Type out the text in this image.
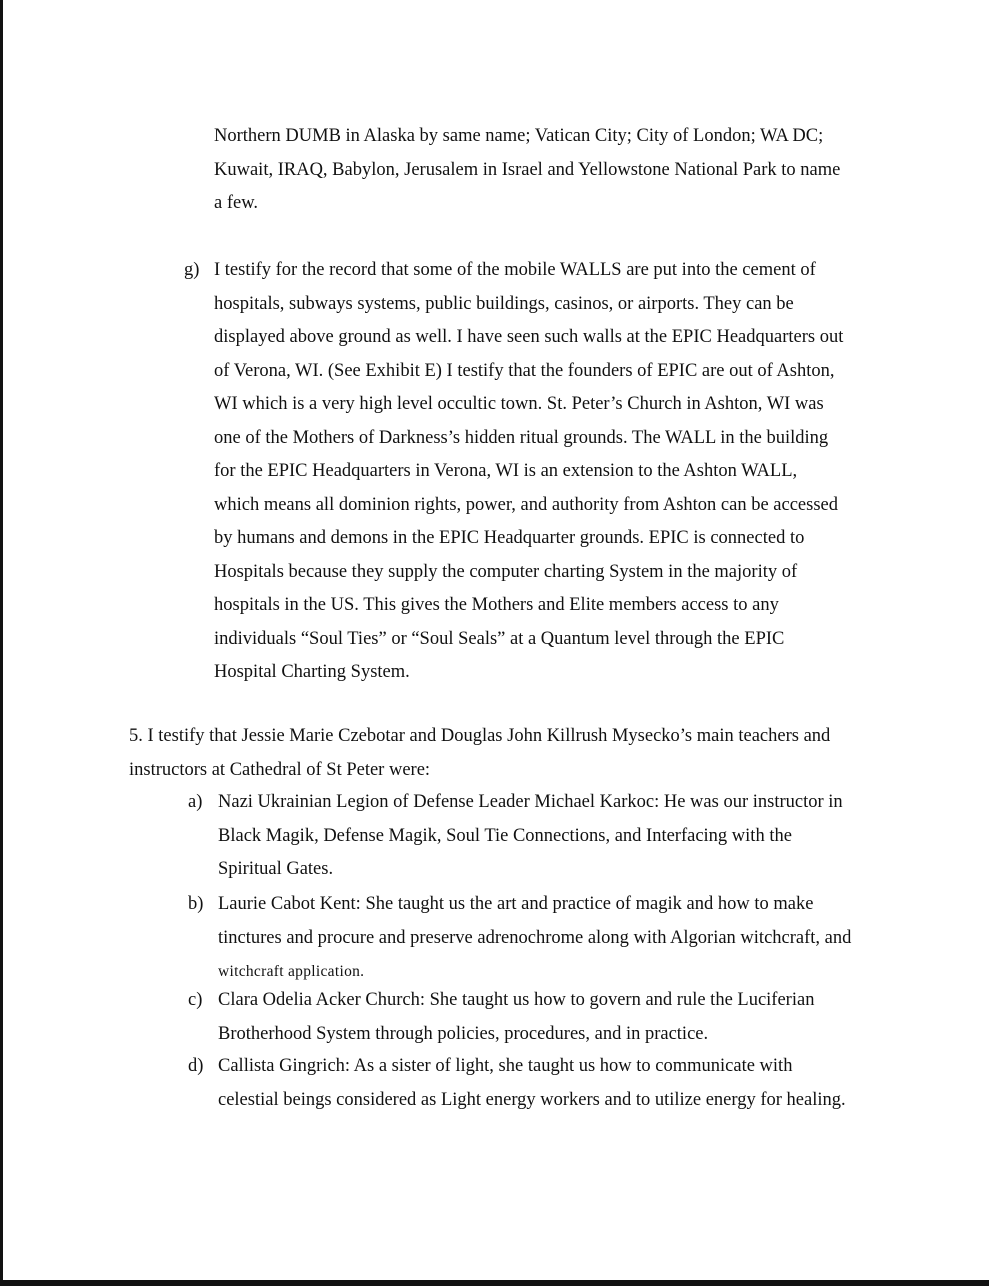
Northern DUMB in Alaska by same name; Vatican City; City of London; WA DC;
Kuwait, IRAQ, Babylon, Jerusalem in Israel and Yellowstone National Park to name
a few.
g) I testify for the record that some of the mobile WALLS are put into the cement of
hospitals, subways systems, public buildings, casinos, or airports. They can be
displayed above ground as well. I have seen such walls at the EPIC Headquarters out
of Verona, WI. (See Exhibit E) I testify that the founders of EPIC are out of Ashton,
WI which is a very high level occultic town. St. Peter’s Church in Ashton, WI was
one of the Mothers of Darkness’s hidden ritual grounds. The WALL in the building
for the EPIC Headquarters in Verona, WI is an extension to the Ashton WALL,
which means all dominion rights, power, and authority from Ashton can be accessed
by humans and demons in the EPIC Headquarter grounds. EPIC is connected to
Hospitals because they supply the computer charting System in the majority of
hospitals in the US. This gives the Mothers and Elite members access to any
individuals “Soul Ties” or “Soul Seals” at a Quantum level through the EPIC
Hospital Charting System.
5. I testify that Jessie Marie Czebotar and Douglas John Killrush Mysecko’s main teachers and
instructors at Cathedral of St Peter were:
a) Nazi Ukrainian Legion of Defense Leader Michael Karkoc: He was our instructor in
Black Magik, Defense Magik, Soul Tie Connections, and Interfacing with the
Spiritual Gates.
b) Laurie Cabot Kent: She taught us the art and practice of magik and how to make
tinctures and procure and preserve adrenochrome along with Algorian witchcraft, and
witchcraft application.
c) Clara Odelia Acker Church: She taught us how to govern and rule the Luciferian
Brotherhood System through policies, procedures, and in practice.
d) Callista Gingrich: As a sister of light, she taught us how to communicate with
celestial beings considered as Light energy workers and to utilize energy for healing.
